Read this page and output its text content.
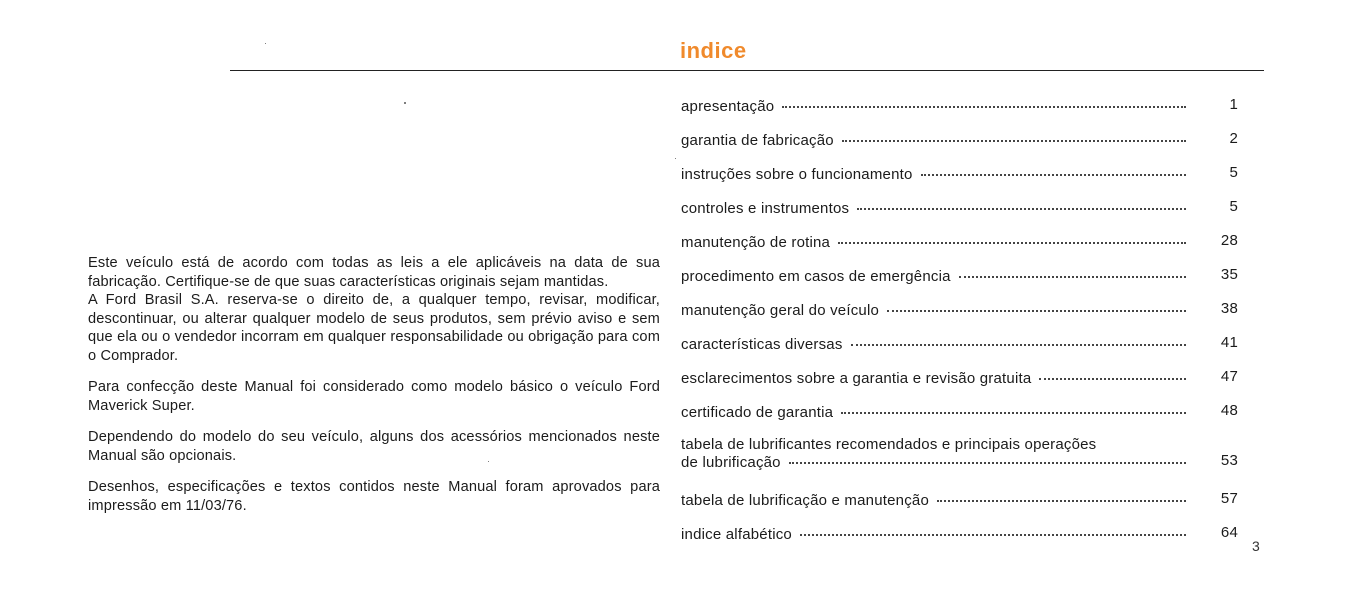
indice
apresentação	1
garantia de fabricação	2
instruções sobre o funcionamento	5
controles e instrumentos	5
manutenção de rotina	28
procedimento em casos de emergência	35
manutenção geral do veículo	38
características diversas	41
esclarecimentos sobre a garantia e revisão gratuita	47
certificado de garantia	48
tabela de lubrificantes recomendados e principais operações
de lubrificação	53
tabela de lubrificação e manutenção	57
indice alfabético	64

Este veículo está de acordo com todas as leis a ele aplicáveis na data de sua fabricação. Certifique-se de que suas características originais sejam mantidas.

A Ford Brasil S.A. reserva-se o direito de, a qualquer tempo, revisar, modificar, descontinuar, ou alterar qualquer modelo de seus produtos, sem prévio aviso e sem que ela ou o vendedor incorram em qualquer responsabilidade ou obrigação para com o Comprador.

Para confecção deste Manual foi considerado como modelo básico o veículo Ford Maverick Super.

Dependendo do modelo do seu veículo, alguns dos acessórios mencionados neste Manual são opcionais.

Desenhos, especificações e textos contidos neste Manual foram aprovados para impressão em 11/03/76.

3
